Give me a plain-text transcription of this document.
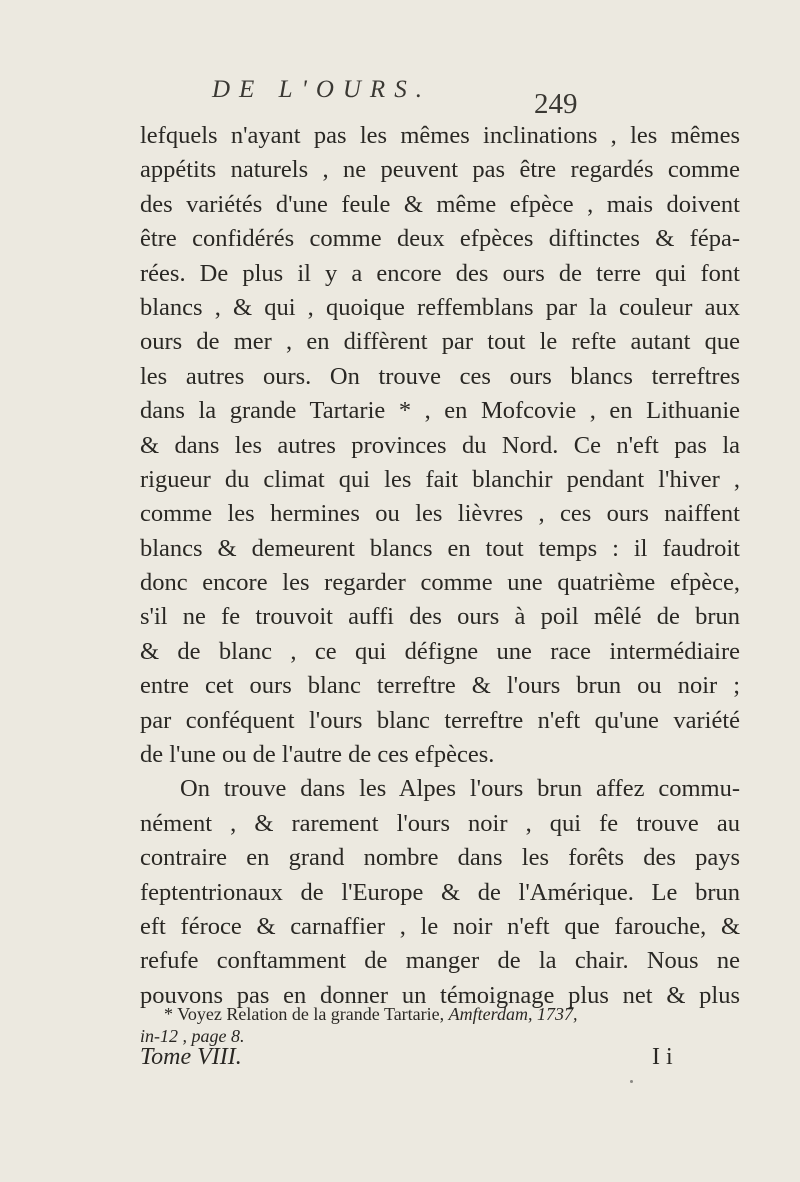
DE L'OURS.	249
lefquels n'ayant pas les mêmes inclinations , les mêmes
appétits naturels , ne peuvent pas être regardés comme
des variétés d'une feule & même efpèce , mais doivent
être confidérés comme deux efpèces diftinctes & fépa-
rées. De plus il y a encore des ours de terre qui font
blancs , & qui , quoique reffemblans par la couleur aux
ours de mer , en diffèrent par tout le refte autant que
les autres ours. On trouve ces ours blancs terreftres
dans la grande Tartarie * , en Mofcovie , en Lithuanie
& dans les autres provinces du Nord. Ce n'eft pas la
rigueur du climat qui les fait blanchir pendant l'hiver ,
comme les hermines ou les lièvres , ces ours naiffent
blancs & demeurent blancs en tout temps : il faudroit
donc encore les regarder comme une quatrième efpèce,
s'il ne fe trouvoit auffi des ours à poil mêlé de brun
& de blanc , ce qui défigne une race intermédiaire
entre cet ours blanc terreftre & l'ours brun ou noir ;
par conféquent l'ours blanc terreftre n'eft qu'une variété
de l'une ou de l'autre de ces efpèces.
On trouve dans les Alpes l'ours brun affez commu-
nément , & rarement l'ours noir , qui fe trouve au
contraire en grand nombre dans les forêts des pays
feptentrionaux de l'Europe & de l'Amérique. Le brun
eft féroce & carnaffier , le noir n'eft que farouche, &
refufe conftamment de manger de la chair. Nous ne
pouvons pas en donner un témoignage plus net & plus
* Voyez Relation de la grande Tartarie, Amfterdam, 1737,
in-12 , page 8.
Tome VIII.	I i
